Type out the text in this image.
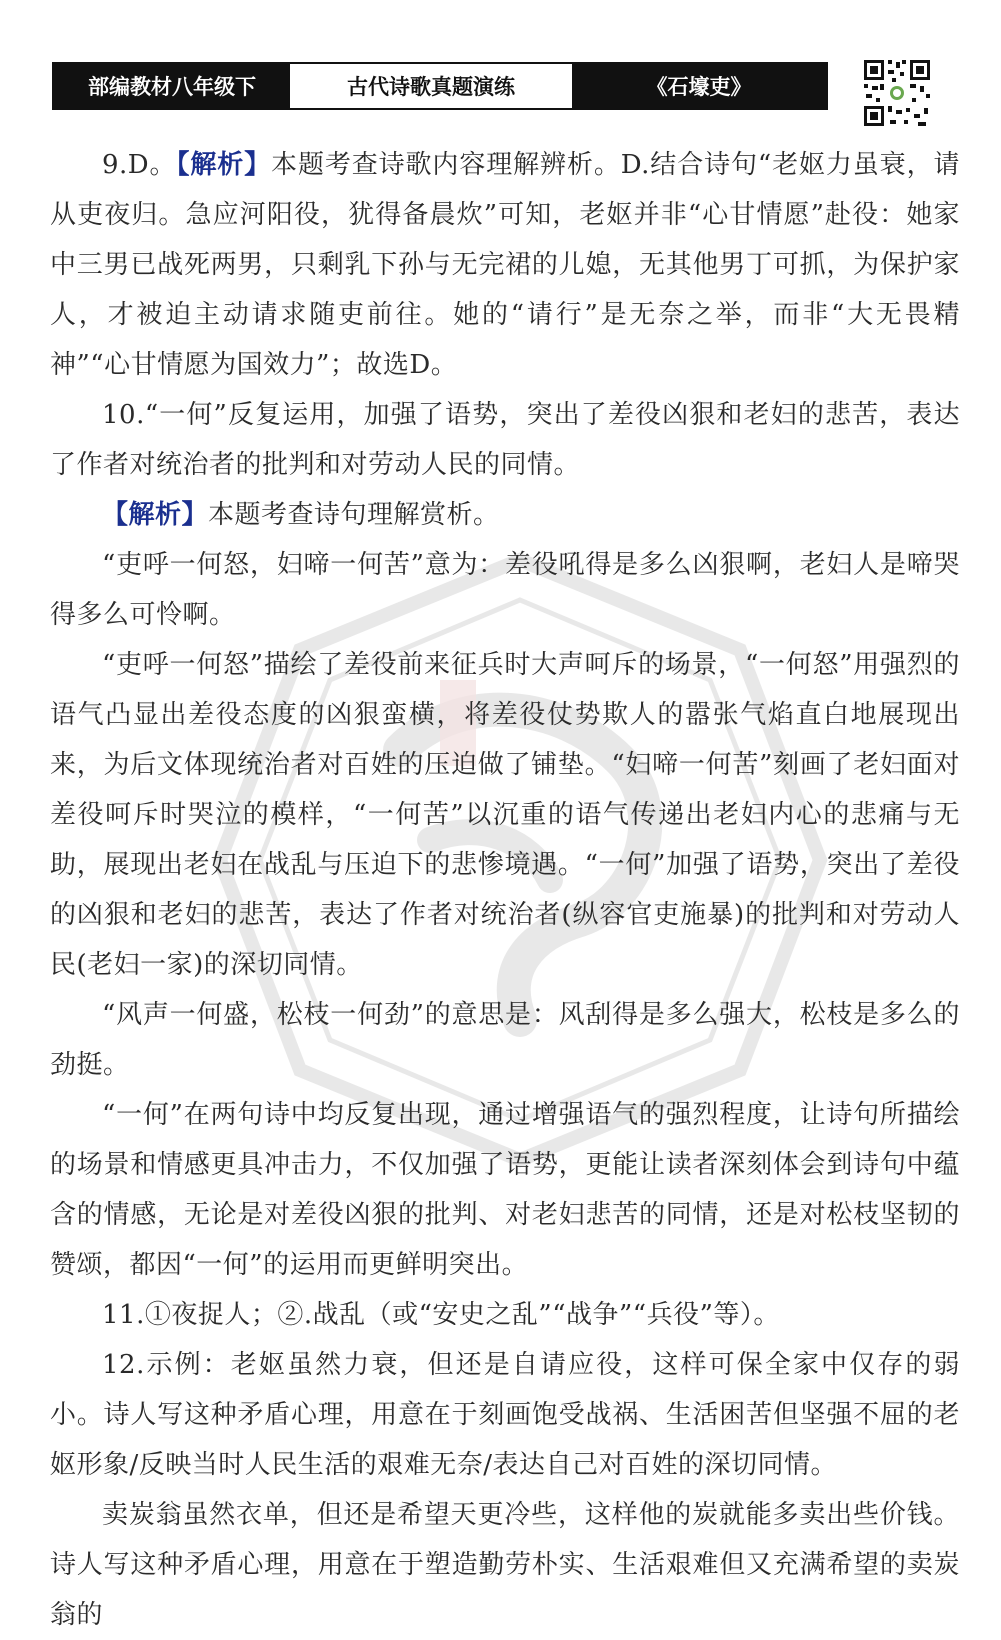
部编教材八年级下	古代诗歌真题演练	《石壕吏》

9.D。【解析】本题考查诗歌内容理解辨析。D.结合诗句“老妪力虽衰，请从吏夜归。急应河阳役，犹得备晨炊”可知，老妪并非“心甘情愿”赴役：她家中三男已战死两男，只剩乳下孙与无完裙的儿媳，无其他男丁可抓，为保护家人，才被迫主动请求随吏前往。她的“请行”是无奈之举，而非“大无畏精神”“心甘情愿为国效力”；故选D。

10.“一何”反复运用，加强了语势，突出了差役凶狠和老妇的悲苦，表达了作者对统治者的批判和对劳动人民的同情。

【解析】本题考查诗句理解赏析。

“吏呼一何怒，妇啼一何苦”意为：差役吼得是多么凶狠啊，老妇人是啼哭得多么可怜啊。

“吏呼一何怒”描绘了差役前来征兵时大声呵斥的场景，“一何怒”用强烈的语气凸显出差役态度的凶狠蛮横，将差役仗势欺人的嚣张气焰直白地展现出来，为后文体现统治者对百姓的压迫做了铺垫。“妇啼一何苦”刻画了老妇面对差役呵斥时哭泣的模样，“一何苦”以沉重的语气传递出老妇内心的悲痛与无助，展现出老妇在战乱与压迫下的悲惨境遇。“一何”加强了语势，突出了差役的凶狠和老妇的悲苦，表达了作者对统治者(纵容官吏施暴)的批判和对劳动人民(老妇一家)的深切同情。

“风声一何盛，松枝一何劲”的意思是：风刮得是多么强大，松枝是多么的劲挺。

“一何”在两句诗中均反复出现，通过增强语气的强烈程度，让诗句所描绘的场景和情感更具冲击力，不仅加强了语势，更能让读者深刻体会到诗句中蕴含的情感，无论是对差役凶狠的批判、对老妇悲苦的同情，还是对松枝坚韧的赞颂，都因“一何”的运用而更鲜明突出。

11.①夜捉人；②.战乱（或“安史之乱”“战争”“兵役”等）。

12.示例：老妪虽然力衰，但还是自请应役，这样可保全家中仅存的弱小。诗人写这种矛盾心理，用意在于刻画饱受战祸、生活困苦但坚强不屈的老妪形象/反映当时人民生活的艰难无奈/表达自己对百姓的深切同情。

卖炭翁虽然衣单，但还是希望天更冷些，这样他的炭就能多卖出些价钱。诗人写这种矛盾心理，用意在于塑造勤劳朴实、生活艰难但又充满希望的卖炭翁的
